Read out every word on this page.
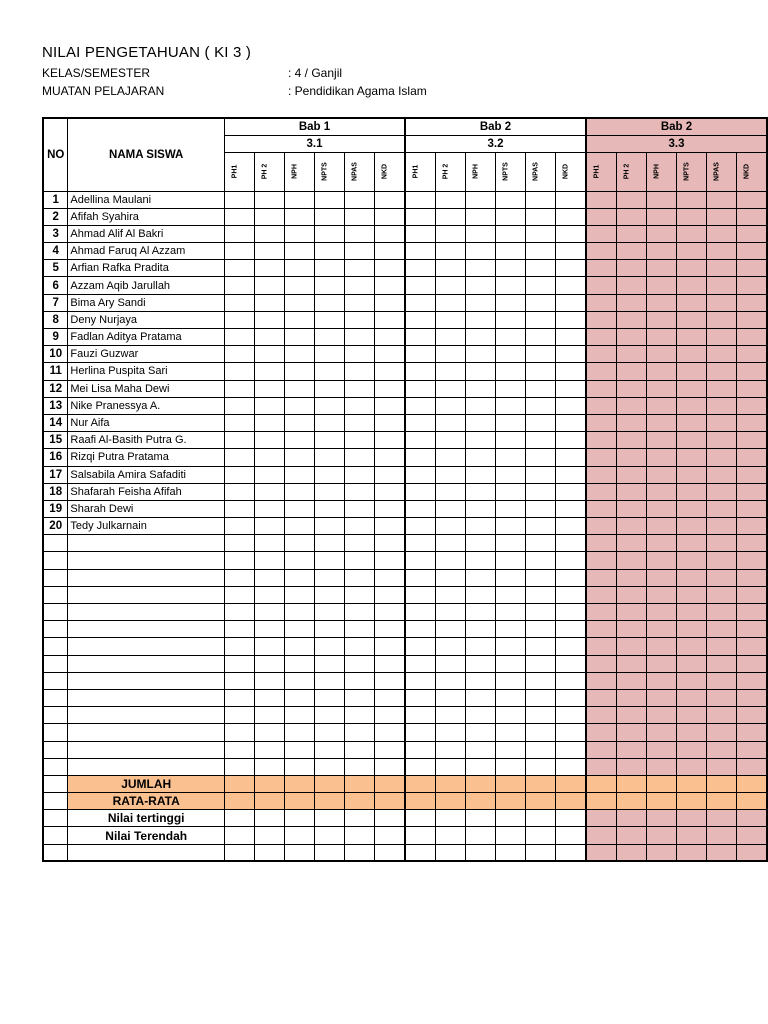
NILAI PENGETAHUAN ( KI 3 )
KELAS/SEMESTER	: 4 / Ganjil
MUATAN PELAJARAN	: Pendidikan Agama Islam
NO	NAMA SISWA	Bab 1						Bab 2						Bab 2					
		3.1						3.2						3.3					

		PH1	PH 2	NPH	NPTS	NPAS	NKD	PH1	PH 2	NPH	NPTS	NPAS	NKD	PH1	PH 2	NPH	NPTS	NPAS	NKD

1	Adellina Maulani																		
2	Afifah Syahira																		
3	Ahmad Alif Al Bakri																		
4	Ahmad Faruq Al Azzam																		
5	Arfian Rafka Pradita																		
6	Azzam Aqib Jarullah																		
7	Bima Ary Sandi																		
8	Deny Nurjaya																		
9	Fadlan Aditya Pratama																		
10	Fauzi Guzwar																		
11	Herlina Puspita Sari																		
12	Mei Lisa Maha Dewi																		
13	Nike Pranessya A.																		
14	Nur Aifa																		
15	Raafi Al-Basith Putra G.																		
16	Rizqi Putra Pratama																		
17	Salsabila Amira Safaditi																		
18	Shafarah Feisha Afifah																		
19	Sharah Dewi																		
20	Tedy Julkarnain																		

	JUMLAH																		
	RATA-RATA																		
	Nilai tertinggi																		
	Nilai Terendah																		
